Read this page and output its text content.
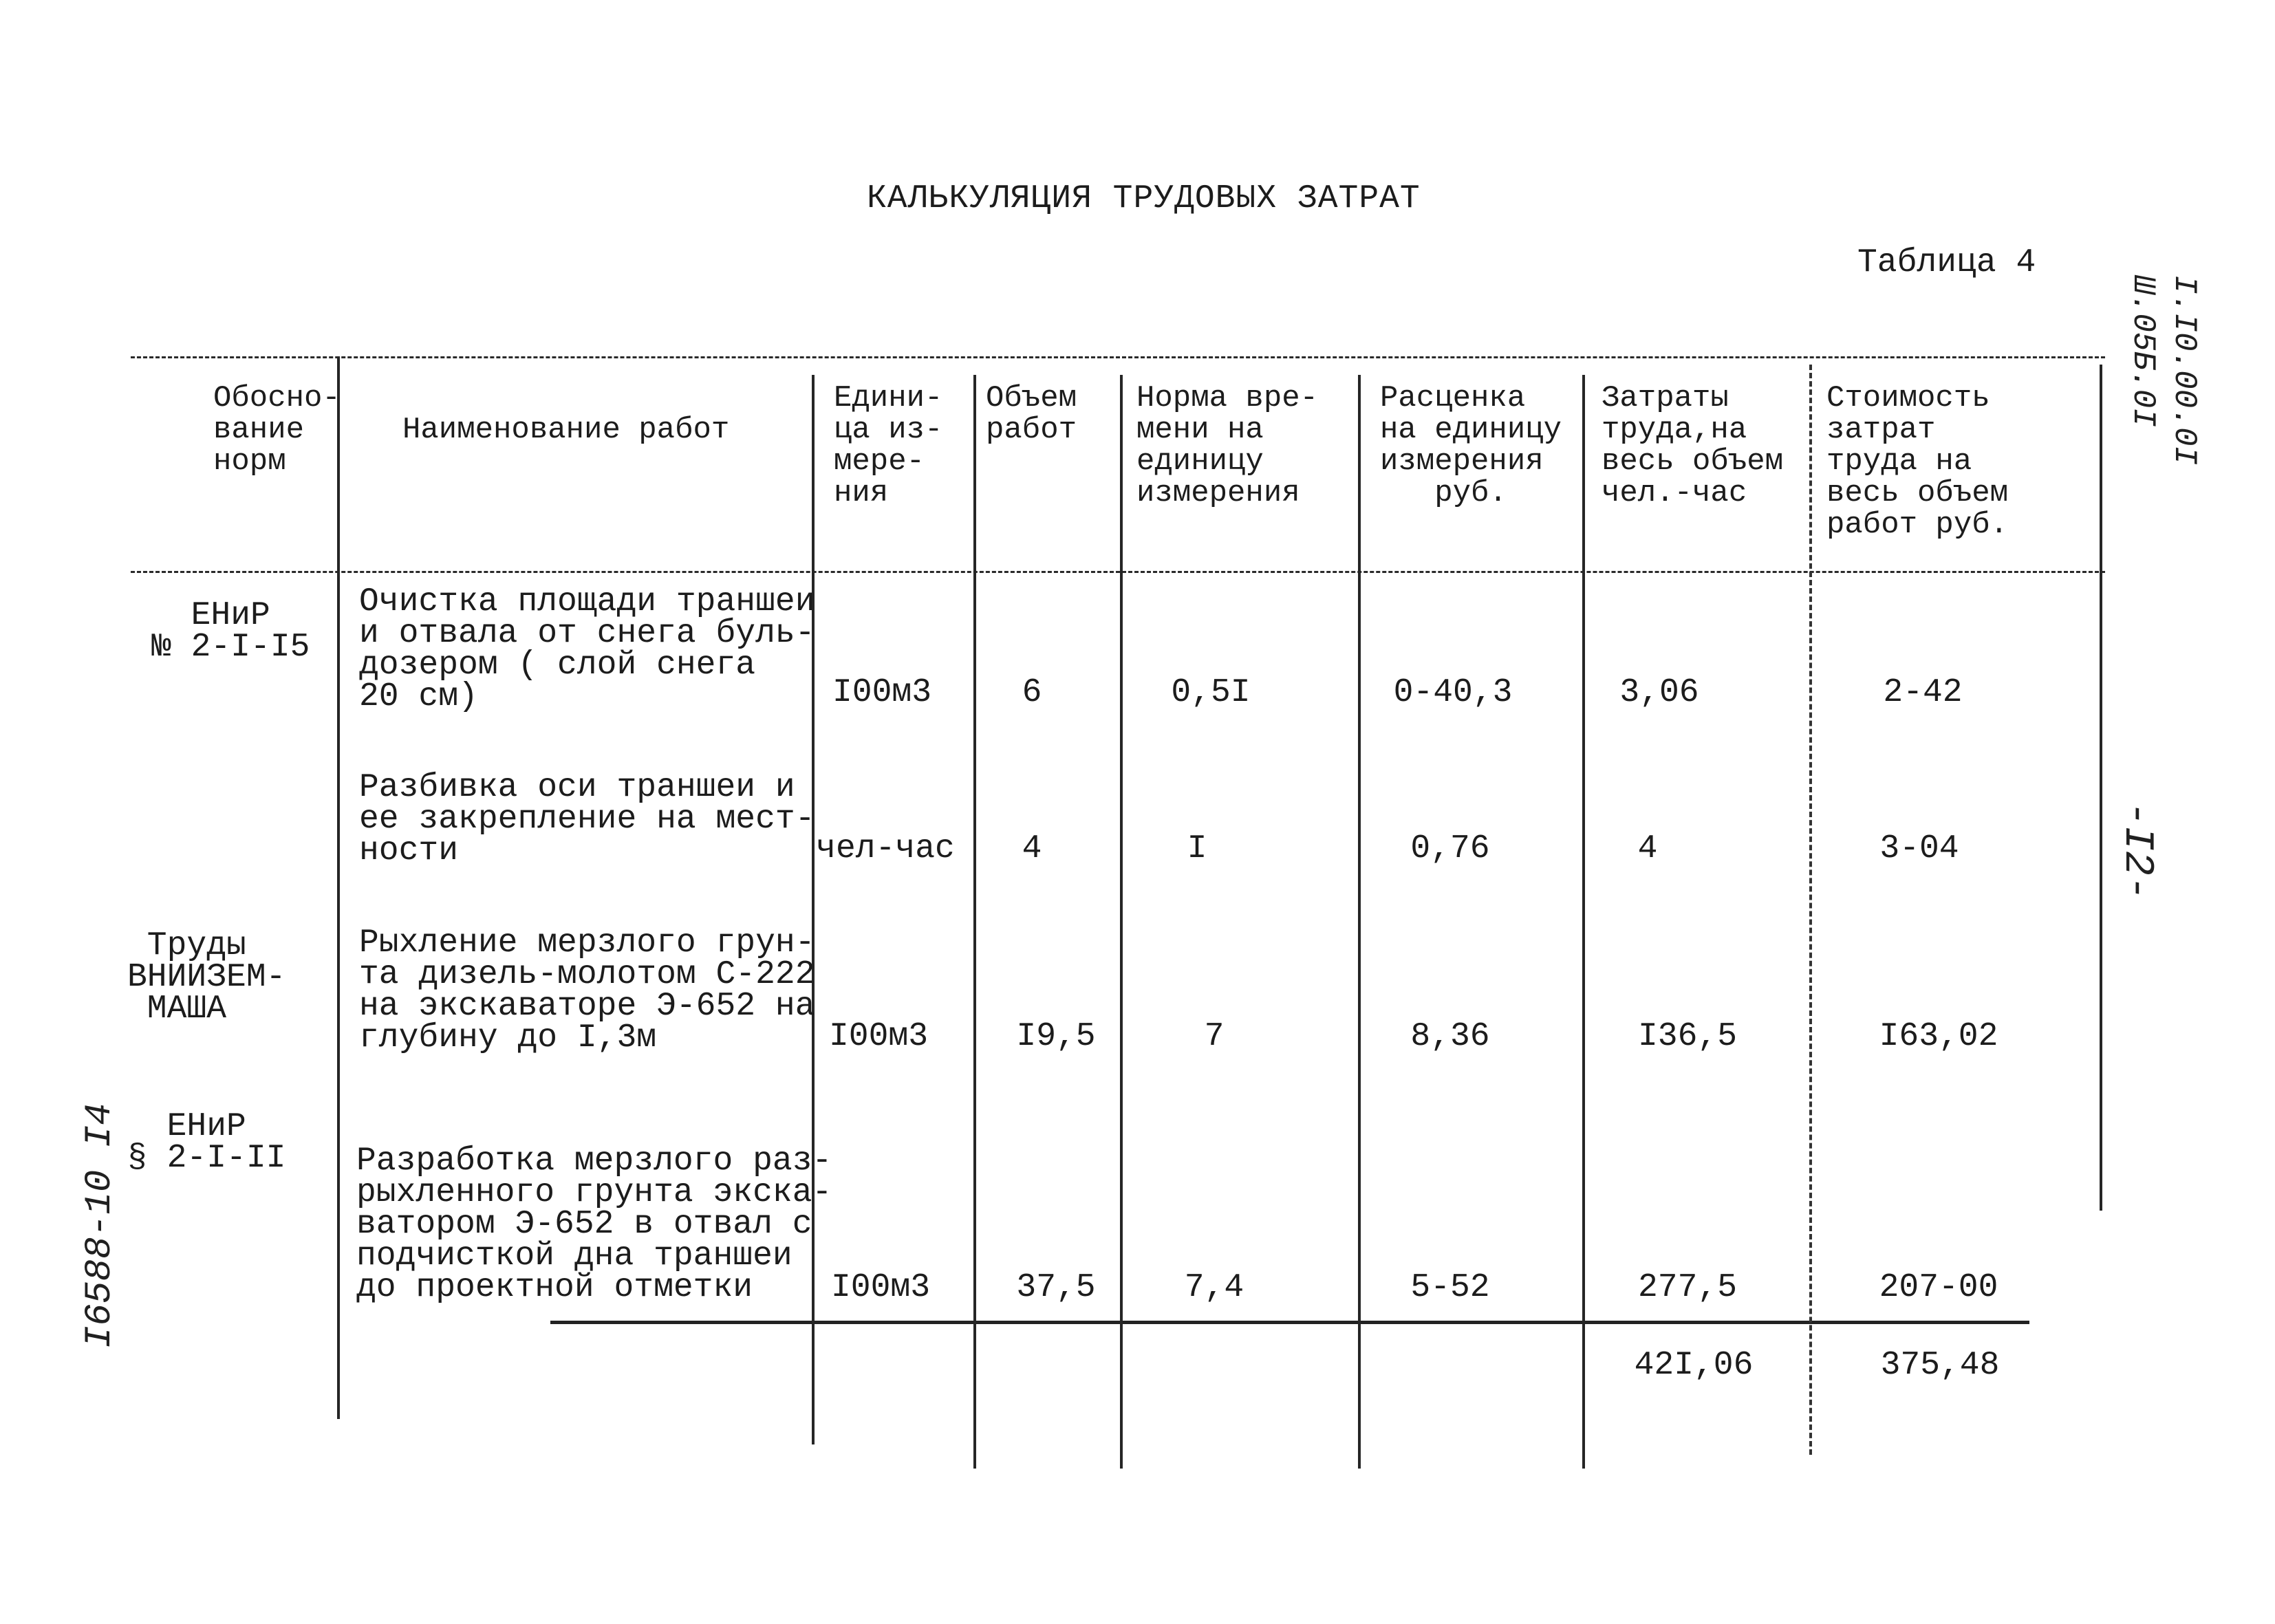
КАЛЬКУЛЯЦИЯ ТРУДОВЫХ ЗАТРАТ
Таблица 4
Обосно-
вание
норм
Наименование работ
Едини-
ца из-
мере-
ния
Объем
работ
Норма вре-
мени на
единицу
измерения
Расценка
на единицу
измерения
руб.
Затраты
труда,на
весь объем
чел.-час
Стоимость
затрат
труда на
весь объем
работ руб.
ЕНиР
№ 2-I-I5
Очистка площади траншеи
и отвала от снега буль-
дозером ( слой снега
20 см)	I00м3	6	0,5I	0-40,3	3,06	2-42
Разбивка оси траншеи и
ее закрепление на мест-
ности	чел-час 4	I	0,76	4	3-04
Труды
ВНИИЗЕМ-
МАША
Рыхление мерзлого грун-
та дизель-молотом С-222
на экскаваторе Э-652 на
глубину до I,3м	I00м3	I9,5	7	8,36	I36,5	I63,02
ЕНиР
§ 2-I-II Разработка мерзлого раз-
рыхленного грунта экска-
ватором Э-652 в отвал с
подчисткой дна траншеи
до проектной отметки	I00м3	37,5	7,4	5-52	277,5	207-00
42I,06	375,48
I.I0.00.0I
Ш.05Б.0I
-I2-
I6588-10 I4
